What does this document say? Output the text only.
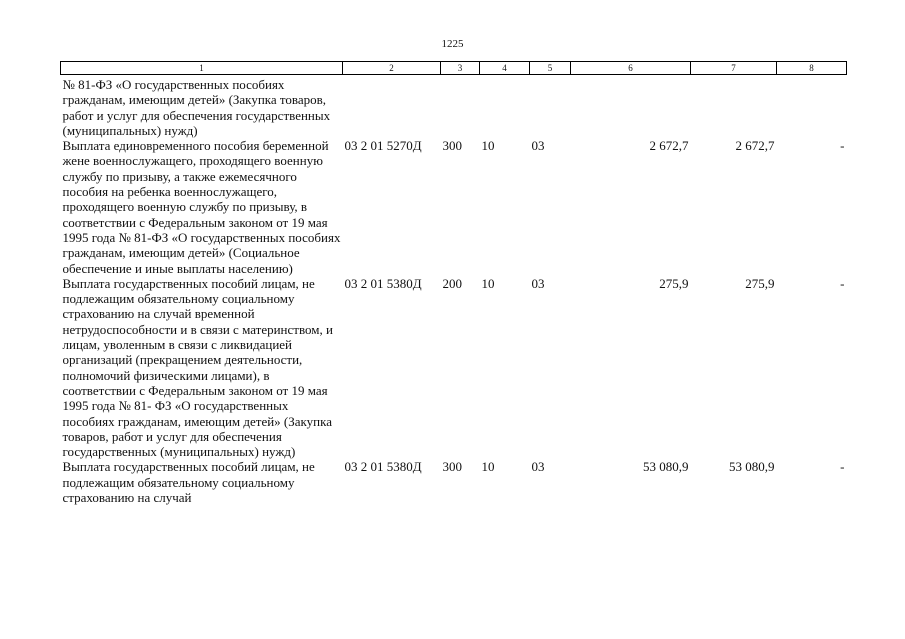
1225
1	2	3	4	5	6	7	8
№ 81-ФЗ «О государственных пособиях гражданам, имеющим детей» (Закупка товаров, работ и услуг для обеспечения государственных (муниципальных) нужд)							
Выплата единовременного пособия беременной жене военнослужащего, проходящего военную службу по призыву, а также ежемесячного пособия на ребенка военнослужащего, проходящего военную службу по призыву, в соответствии с Федеральным законом от 19 мая 1995 года № 81-ФЗ «О государственных пособиях гражданам, имеющим детей» (Социальное обеспечение и иные выплаты населению)	03 2 01 5270Д	300	10	03	2 672,7	2 672,7	-
Выплата государственных пособий лицам, не подлежащим обязательному социальному страхованию на случай временной нетрудоспособности и в связи с материнством, и лицам, уволенным в связи с ликвидацией организаций (прекращением деятельности, полномочий физическими лицами), в соответствии с Федеральным законом от 19 мая 1995 года № 81- ФЗ «О государственных пособиях гражданам, имеющим детей» (Закупка товаров, работ и услуг для обеспечения государственных (муниципальных) нужд)	03 2 01 5380Д	200	10	03	275,9	275,9	-
Выплата государственных пособий лицам, не подлежащим обязательному социальному страхованию на случай	03 2 01 5380Д	300	10	03	53 080,9	53 080,9	-
